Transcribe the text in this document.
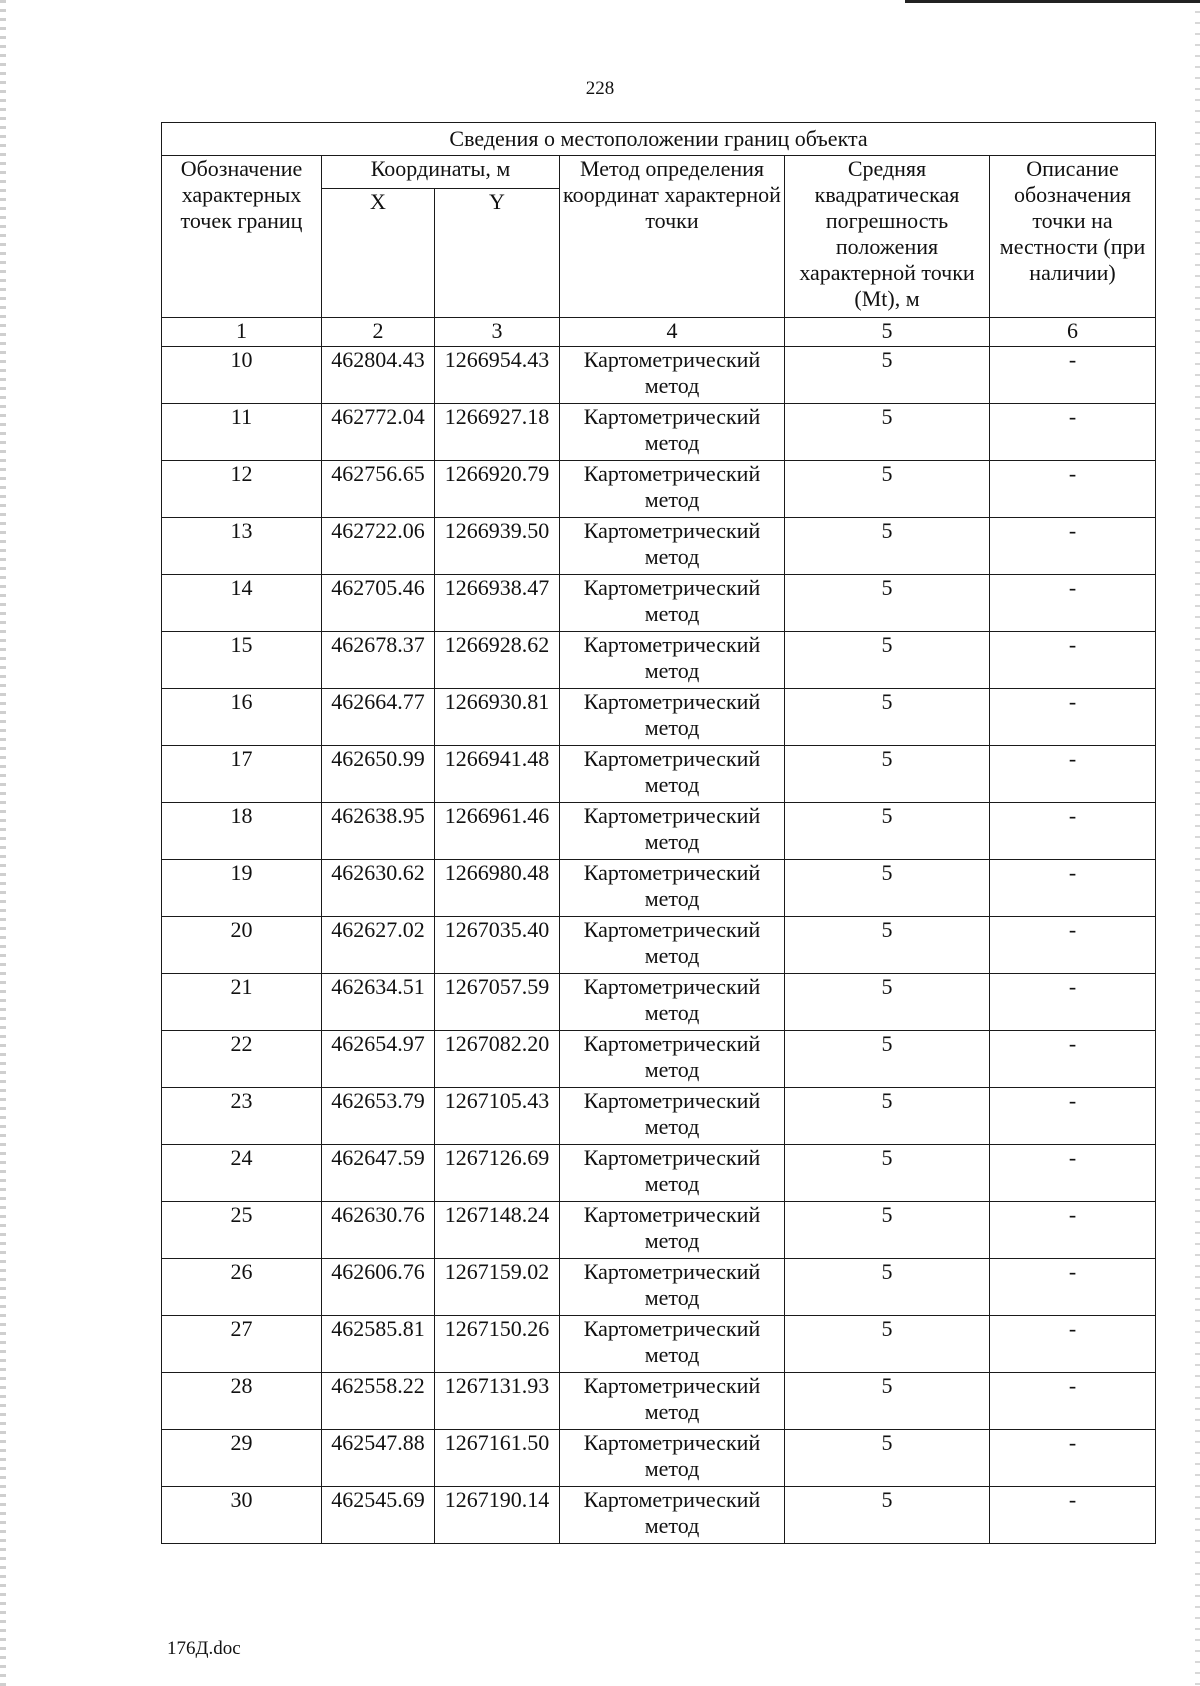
228
Сведения о местоположении границ объекта					
Обозначение характерных точек границ	Координаты, м		Метод определения координат характерной точки	Средняя квадратическая погрешность положения характерной точки (Mt), м	Описание обозначения точки на местности (при наличии)
	X	Y			
1	2	3	4	5	6
10	462804.43	1266954.43	Картометрический метод	5	-
11	462772.04	1266927.18	Картометрический метод	5	-
12	462756.65	1266920.79	Картометрический метод	5	-
13	462722.06	1266939.50	Картометрический метод	5	-
14	462705.46	1266938.47	Картометрический метод	5	-
15	462678.37	1266928.62	Картометрический метод	5	-
16	462664.77	1266930.81	Картометрический метод	5	-
17	462650.99	1266941.48	Картометрический метод	5	-
18	462638.95	1266961.46	Картометрический метод	5	-
19	462630.62	1266980.48	Картометрический метод	5	-
20	462627.02	1267035.40	Картометрический метод	5	-
21	462634.51	1267057.59	Картометрический метод	5	-
22	462654.97	1267082.20	Картометрический метод	5	-
23	462653.79	1267105.43	Картометрический метод	5	-
24	462647.59	1267126.69	Картометрический метод	5	-
25	462630.76	1267148.24	Картометрический метод	5	-
26	462606.76	1267159.02	Картометрический метод	5	-
27	462585.81	1267150.26	Картометрический метод	5	-
28	462558.22	1267131.93	Картометрический метод	5	-
29	462547.88	1267161.50	Картометрический метод	5	-
30	462545.69	1267190.14	Картометрический метод	5	-
176Д.doc
